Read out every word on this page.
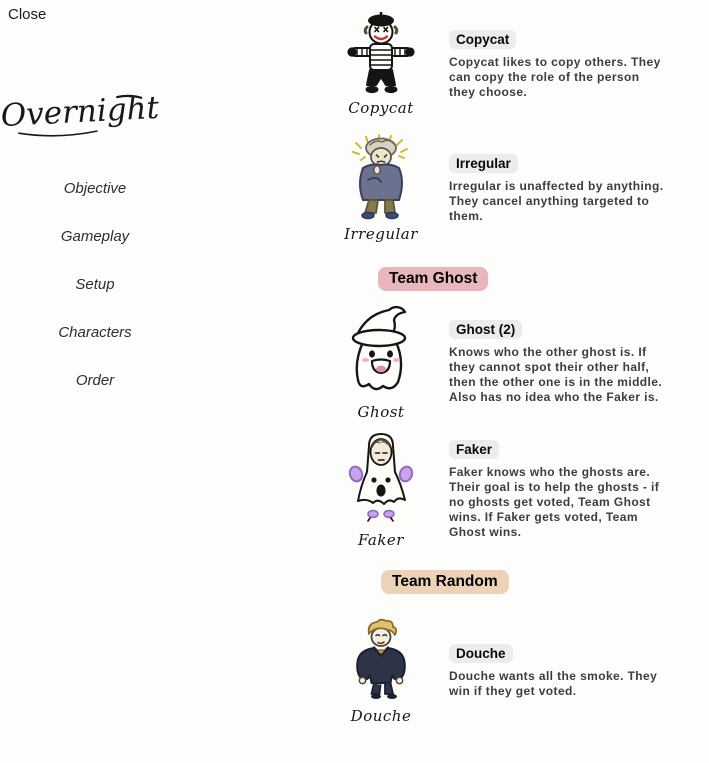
Close
Overnight
Objective
Gameplay
Setup
Characters
Order
Copycat
Copycat

Copycat likes to copy others. They can copy the role of the person they choose.

Irregular
Irregular

Irregular is unaffected by anything. They cancel anything targeted to them.

Team Ghost
Ghost
Ghost (2)

Knows who the other ghost is. If they cannot spot their other half, then the other one is in the middle. Also has no idea who the Faker is.

Faker
Faker

Faker knows who the ghosts are. Their goal is to help the ghosts - if no ghosts get voted, Team Ghost wins. If Faker gets voted, Team Ghost wins.

Team Random
Douche
Douche

Douche wants all the smoke. They win if they get voted.
